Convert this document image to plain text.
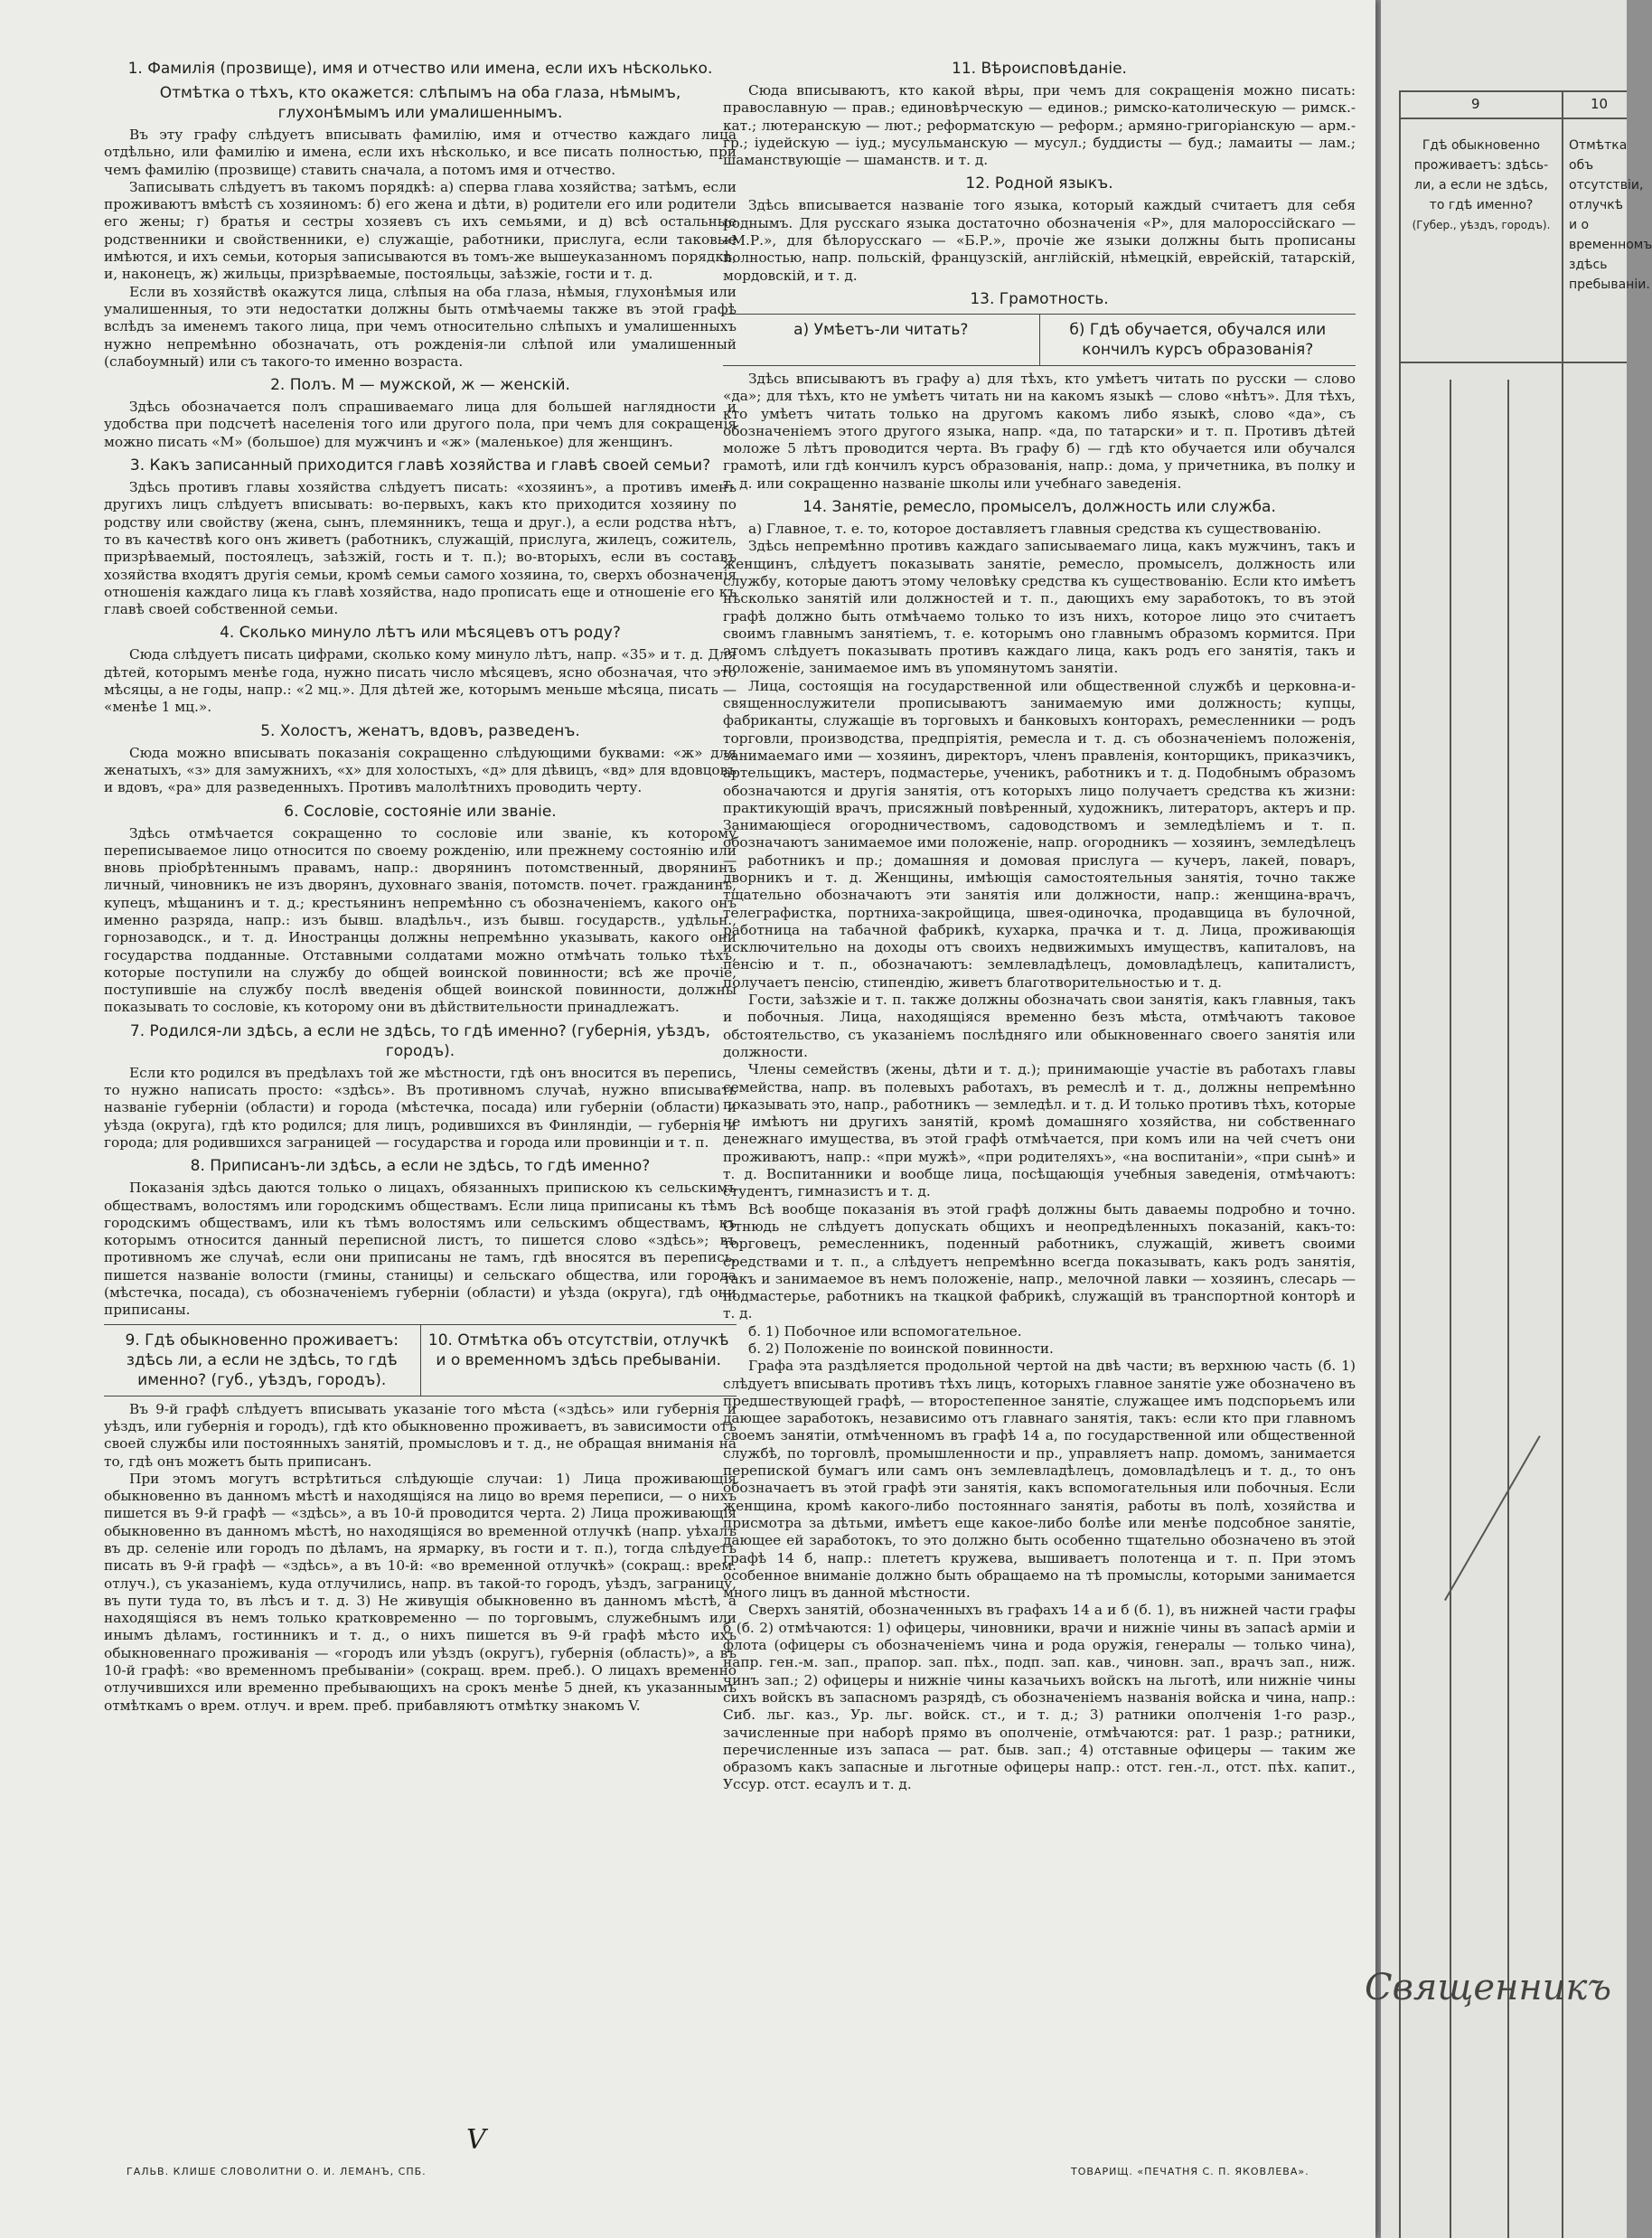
1. Фамилія (прозвище), имя и отчество или имена, если ихъ нѣсколько.
Отмѣтка о тѣхъ, кто окажется: слѣпымъ на оба глаза, нѣмымъ, глухонѣмымъ или умалишеннымъ.

Въ эту графу слѣдуетъ вписывать фамилію, имя и отчество каждаго лица отдѣльно, или фамилію и имена, если ихъ нѣсколько, и все писать полностью, при чемъ фамилію (прозвище) ставить сначала, а потомъ имя и отчество.

Записывать слѣдуетъ въ такомъ порядкѣ: а) сперва глава хозяйства; затѣмъ, если проживаютъ вмѣстѣ съ хозяиномъ: б) его жена и дѣти, в) родители его или родители его жены; г) братья и сестры хозяевъ съ ихъ семьями, и д) всѣ остальные родственники и свойственники, е) служащіе, работники, прислуга, если таковые имѣются, и ихъ семьи, которыя записываются въ томъ-же вышеуказанномъ порядкѣ, и, наконецъ, ж) жильцы, призрѣваемые, постояльцы, заѣзжіе, гости и т. д.

Если въ хозяйствѣ окажутся лица, слѣпыя на оба глаза, нѣмыя, глухонѣмыя или умалишенныя, то эти недостатки должны быть отмѣчаемы также въ этой графѣ вслѣдъ за именемъ такого лица, при чемъ относительно слѣпыхъ и умалишенныхъ нужно непремѣнно обозначать, отъ рожденія-ли слѣпой или умалишенный (слабоумный) или съ такого-то именно возраста.

2. Полъ. М — мужской, ж — женскій.

Здѣсь обозначается полъ спрашиваемаго лица для большей наглядности и удобства при подсчетѣ населенія того или другого пола, при чемъ для сокращенія можно писать «М» (большое) для мужчинъ и «ж» (маленькое) для женщинъ.

3. Какъ записанный приходится главѣ хозяйства и главѣ своей семьи?

Здѣсь противъ главы хозяйства слѣдуетъ писать: «хозяинъ», а противъ именъ другихъ лицъ слѣдуетъ вписывать: во-первыхъ, какъ кто приходится хозяину по родству или свойству (жена, сынъ, племянникъ, теща и друг.), а если родства нѣтъ, то въ качествѣ кого онъ живетъ (работникъ, служащій, прислуга, жилецъ, сожитель, призрѣваемый, постоялецъ, заѣзжій, гость и т. п.); во-вторыхъ, если въ составъ хозяйства входятъ другія семьи, кромѣ семьи самого хозяина, то, сверхъ обозначенія отношенія каждаго лица къ главѣ хозяйства, надо прописать еще и отношеніе его къ главѣ своей собственной семьи.

4. Сколько минуло лѣтъ или мѣсяцевъ отъ роду?

Сюда слѣдуетъ писать цифрами, сколько кому минуло лѣтъ, напр. «35» и т. д. Для дѣтей, которымъ менѣе года, нужно писать число мѣсяцевъ, ясно обозначая, что это мѣсяцы, а не годы, напр.: «2 мц.». Для дѣтей же, которымъ меньше мѣсяца, писать — «менѣе 1 мц.».

5. Холостъ, женатъ, вдовъ, разведенъ.

Сюда можно вписывать показанія сокращенно слѣдующими буквами: «ж» для женатыхъ, «з» для замужнихъ, «х» для холостыхъ, «д» для дѣвицъ, «вд» для вдовцовъ и вдовъ, «ра» для разведенныхъ. Противъ малолѣтнихъ проводить черту.

6. Сословіе, состояніе или званіе.

Здѣсь отмѣчается сокращенно то сословіе или званіе, къ которому переписываемое лицо относится по своему рожденію, или прежнему состоянію или вновь пріобрѣтеннымъ правамъ, напр.: дворянинъ потомственный, дворянинъ личный, чиновникъ не изъ дворянъ, духовнаго званія, потомств. почет. гражданинъ, купецъ, мѣщанинъ и т. д.; крестьянинъ непремѣнно съ обозначеніемъ, какого онъ именно разряда, напр.: изъ бывш. владѣльч., изъ бывш. государств., удѣльн., горнозаводск., и т. д. Иностранцы должны непремѣнно указывать, какого они государства подданные. Отставными солдатами можно отмѣчать только тѣхъ, которые поступили на службу до общей воинской повинности; всѣ же прочіе, поступившіе на службу послѣ введенія общей воинской повинности, должны показывать то сословіе, къ которому они въ дѣйствительности принадлежатъ.

7. Родился-ли здѣсь, а если не здѣсь, то гдѣ именно? (губернія, уѣздъ, городъ).

Если кто родился въ предѣлахъ той же мѣстности, гдѣ онъ вносится въ перепись, то нужно написать просто: «здѣсь». Въ противномъ случаѣ, нужно вписывать названіе губерніи (области) и города (мѣстечка, посада) или губерніи (области) и уѣзда (округа), гдѣ кто родился; для лицъ, родившихся въ Финляндіи, — губернія и города; для родившихся заграницей — государства и города или провинціи и т. п.

8. Приписанъ-ли здѣсь, а если не здѣсь, то гдѣ именно?

Показанія здѣсь даются только о лицахъ, обязанныхъ припискою къ сельскимъ обществамъ, волостямъ или городскимъ обществамъ. Если лица приписаны къ тѣмъ городскимъ обществамъ, или къ тѣмъ волостямъ или сельскимъ обществамъ, къ которымъ относится данный переписной листъ, то пишется слово «здѣсь»; въ противномъ же случаѣ, если они приписаны не тамъ, гдѣ вносятся въ перепись, пишется названіе волости (гмины, станицы) и сельскаго общества, или города (мѣстечка, посада), съ обозначеніемъ губерніи (области) и уѣзда (округа), гдѣ они приписаны.

9. Гдѣ обыкновенно проживаетъ: здѣсь ли, а если не здѣсь, то гдѣ именно? (губ., уѣздъ, городъ).
10. Отмѣтка объ отсутствіи, отлучкѣ и о временномъ здѣсь пребываніи.

Въ 9-й графѣ слѣдуетъ вписывать указаніе того мѣста («здѣсь» или губернія и уѣздъ, или губернія и городъ), гдѣ кто обыкновенно проживаетъ, въ зависимости отъ своей службы или постоянныхъ занятій, промысловъ и т. д., не обращая вниманія на то, гдѣ онъ можетъ быть приписанъ.

При этомъ могутъ встрѣтиться слѣдующіе случаи: 1) Лица проживающія обыкновенно въ данномъ мѣстѣ и находящіяся на лицо во время переписи, — о нихъ пишется въ 9-й графѣ — «здѣсь», а въ 10-й проводится черта. 2) Лица проживающія обыкновенно въ данномъ мѣстѣ, но находящіяся во временной отлучкѣ (напр. уѣхалъ въ др. селеніе или городъ по дѣламъ, на ярмарку, въ гости и т. п.), тогда слѣдуетъ писать въ 9-й графѣ — «здѣсь», а въ 10-й: «во временной отлучкѣ» (сокращ.: врем. отлуч.), съ указаніемъ, куда отлучились, напр. въ такой-то городъ, уѣздъ, заграницу, въ пути туда то, въ лѣсъ и т. д. 3) Не живущія обыкновенно въ данномъ мѣстѣ, а находящіяся въ немъ только кратковременно — по торговымъ, служебнымъ или инымъ дѣламъ, гостинникъ и т. д., о нихъ пишется въ 9-й графѣ мѣсто ихъ обыкновеннаго проживанія — «городъ или уѣздъ (округъ), губернія (область)», а въ 10-й графѣ: «во временномъ пребываніи» (сокращ. врем. преб.). О лицахъ временно отлучившихся или временно пребывающихъ на срокъ менѣе 5 дней, къ указаннымъ отмѣткамъ о врем. отлуч. и врем. преб. прибавляютъ отмѣтку знакомъ V.

11. Вѣроисповѣданіе.

Сюда вписываютъ, кто какой вѣры, при чемъ для сокращенія можно писать: православную — прав.; единовѣрческую — единов.; римско-католическую — римск.-кат.; лютеранскую — лют.; реформатскую — реформ.; армяно-григоріанскую — арм.-гр.; іудейскую — іуд.; мусульманскую — мусул.; буддисты — буд.; ламаиты — лам.; шаманствующіе — шаманств. и т. д.

12. Родной языкъ.

Здѣсь вписывается названіе того языка, который каждый считаетъ для себя роднымъ. Для русскаго языка достаточно обозначенія «Р», для малороссійскаго — «М.Р.», для бѣлорусскаго — «Б.Р.», прочіе же языки должны быть прописаны полностью, напр. польскій, французскій, англійскій, нѣмецкій, еврейскій, татарскій, мордовскій, и т. д.

13. Грамотность.
а) Умѣетъ-ли читать?	б) Гдѣ обучается, обучался или кончилъ курсъ образованія?

Здѣсь вписываютъ въ графу а) для тѣхъ, кто умѣетъ читать по русски — слово «да»; для тѣхъ, кто не умѣетъ читать ни на какомъ языкѣ — слово «нѣтъ». Для тѣхъ, кто умѣетъ читать только на другомъ какомъ либо языкѣ, слово «да», съ обозначеніемъ этого другого языка, напр. «да, по татарски» и т. п. Противъ дѣтей моложе 5 лѣтъ проводится черта. Въ графу б) — гдѣ кто обучается или обучался грамотѣ, или гдѣ кончилъ курсъ образованія, напр.: дома, у причетника, въ полку и т. д. или сокращенно названіе школы или учебнаго заведенія.

14. Занятіе, ремесло, промыселъ, должность или служба.

а) Главное, т. е. то, которое доставляетъ главныя средства къ существованію.

Здѣсь непремѣнно противъ каждаго записываемаго лица, какъ мужчинъ, такъ и женщинъ, слѣдуетъ показывать занятіе, ремесло, промыселъ, должность или службу, которые даютъ этому человѣку средства къ существованію. Если кто имѣетъ нѣсколько занятій или должностей и т. п., дающихъ ему заработокъ, то въ этой графѣ должно быть отмѣчаемо только то изъ нихъ, которое лицо это считаетъ своимъ главнымъ занятіемъ, т. е. которымъ оно главнымъ образомъ кормится. При этомъ слѣдуетъ показывать противъ каждаго лица, какъ родъ его занятія, такъ и положеніе, занимаемое имъ въ упомянутомъ занятіи.

Лица, состоящія на государственной или общественной службѣ и церковна-и-священнослужители прописываютъ занимаемую ими должность; купцы, фабриканты, служащіе въ торговыхъ и банковыхъ конторахъ, ремесленники — родъ торговли, производства, предпріятія, ремесла и т. д. съ обозначеніемъ положенія, занимаемаго ими — хозяинъ, директоръ, членъ правленія, конторщикъ, приказчикъ, артельщикъ, мастеръ, подмастерье, ученикъ, работникъ и т. д. Подобнымъ образомъ обозначаются и другія занятія, отъ которыхъ лицо получаетъ средства къ жизни: практикующій врачъ, присяжный повѣренный, художникъ, литераторъ, актеръ и пр. Занимающіеся огородничествомъ, садоводствомъ и земледѣліемъ и т. п. обозначаютъ занимаемое ими положеніе, напр. огородникъ — хозяинъ, земледѣлецъ — работникъ и пр.; домашняя и домовая прислуга — кучеръ, лакей, поваръ, дворникъ и т. д. Женщины, имѣющія самостоятельныя занятія, точно также тщательно обозначаютъ эти занятія или должности, напр.: женщина-врачъ, телеграфистка, портниха-закройщица, швея-одиночка, продавщица въ булочной, работница на табачной фабрикѣ, кухарка, прачка и т. д. Лица, проживающія исключительно на доходы отъ своихъ недвижимыхъ имуществъ, капиталовъ, на пенсію и т. п., обозначаютъ: землевладѣлецъ, домовладѣлецъ, капиталистъ, получаетъ пенсію, стипендію, живетъ благотворительностью и т. д.

Гости, заѣзжіе и т. п. также должны обозначать свои занятія, какъ главныя, такъ и побочныя. Лица, находящіяся временно безъ мѣста, отмѣчаютъ таковое обстоятельство, съ указаніемъ послѣдняго или обыкновеннаго своего занятія или должности.

Члены семействъ (жены, дѣти и т. д.); принимающіе участіе въ работахъ главы семейства, напр. въ полевыхъ работахъ, въ ремеслѣ и т. д., должны непремѣнно показывать это, напр., работникъ — земледѣл. и т. д. И только противъ тѣхъ, которые не имѣютъ ни другихъ занятій, кромѣ домашняго хозяйства, ни собственнаго денежнаго имущества, въ этой графѣ отмѣчается, при комъ или на чей счетъ они проживаютъ, напр.: «при мужѣ», «при родителяхъ», «на воспитаніи», «при сынѣ» и т. д. Воспитанники и вообще лица, посѣщающія учебныя заведенія, отмѣчаютъ: студентъ, гимназистъ и т. д.

Всѣ вообще показанія въ этой графѣ должны быть даваемы подробно и точно. Отнюдь не слѣдуетъ допускать общихъ и неопредѣленныхъ показаній, какъ-то: торговецъ, ремесленникъ, поденный работникъ, служащій, живетъ своими средствами и т. п., а слѣдуетъ непремѣнно всегда показывать, какъ родъ занятія, такъ и занимаемое въ немъ положеніе, напр., мелочной лавки — хозяинъ, слесарь — подмастерье, работникъ на ткацкой фабрикѣ, служащій въ транспортной конторѣ и т. д.

б. 1) Побочное или вспомогательное.

б. 2) Положеніе по воинской повинности.

Графа эта раздѣляется продольной чертой на двѣ части; въ верхнюю часть (б. 1) слѣдуетъ вписывать противъ тѣхъ лицъ, которыхъ главное занятіе уже обозначено въ предшествующей графѣ, — второстепенное занятіе, служащее имъ подспорьемъ или дающее заработокъ, независимо отъ главнаго занятія, такъ: если кто при главномъ своемъ занятіи, отмѣченномъ въ графѣ 14 а, по государственной или общественной службѣ, по торговлѣ, промышленности и пр., управляетъ напр. домомъ, занимается перепиской бумагъ или самъ онъ землевладѣлецъ, домовладѣлецъ и т. д., то онъ обозначаетъ въ этой графѣ эти занятія, какъ вспомогательныя или побочныя. Если женщина, кромѣ какого-либо постояннаго занятія, работы въ полѣ, хозяйства и присмотра за дѣтьми, имѣетъ еще какое-либо болѣе или менѣе подсобное занятіе, дающее ей заработокъ, то это должно быть особенно тщательно обозначено въ этой графѣ 14 б, напр.: плететъ кружева, вышиваетъ полотенца и т. п. При этомъ особенное вниманіе должно быть обращаемо на тѣ промыслы, которыми занимается много лицъ въ данной мѣстности.

Сверхъ занятій, обозначенныхъ въ графахъ 14 а и б (б. 1), въ нижней части графы б (б. 2) отмѣчаются: 1) офицеры, чиновники, врачи и нижніе чины въ запасѣ арміи и флота (офицеры съ обозначеніемъ чина и рода оружія, генералы — только чина), напр. ген.-м. зап., прапор. зап. пѣх., подп. зап. кав., чиновн. зап., врачъ зап., ниж. чинъ зап.; 2) офицеры и нижніе чины казачьихъ войскъ на льготѣ, или нижніе чины сихъ войскъ въ запасномъ разрядѣ, съ обозначеніемъ названія войска и чина, напр.: Сиб. льг. каз., Ур. льг. войск. ст., и т. д.; 3) ратники ополченія 1-го разр., зачисленные при наборѣ прямо въ ополченіе, отмѣчаются: рат. 1 разр.; ратники, перечисленные изъ запаса — рат. быв. зап.; 4) отставные офицеры — таким же образомъ какъ запасные и льготные офицеры напр.: отст. ген.-л., отст. пѣх. капит., Уссур. отст. есаулъ и т. д.

V
ГАЛЬВ. КЛИШЕ СЛОВОЛИТНИ О. И. ЛЕМАНЪ, СПБ.	ТОВАРИЩ. «ПЕЧАТНЯ С. П. ЯКОВЛЕВА».
9	10
Гдѣ обыкновенно проживаетъ: здѣсь-ли, а если не здѣсь, то гдѣ именно?
(Губер., уѣздъ, городъ).
Отмѣтка объ отсутствіи, отлучкѣ и о временномъ здѣсь пребываніи.
Священникъ
